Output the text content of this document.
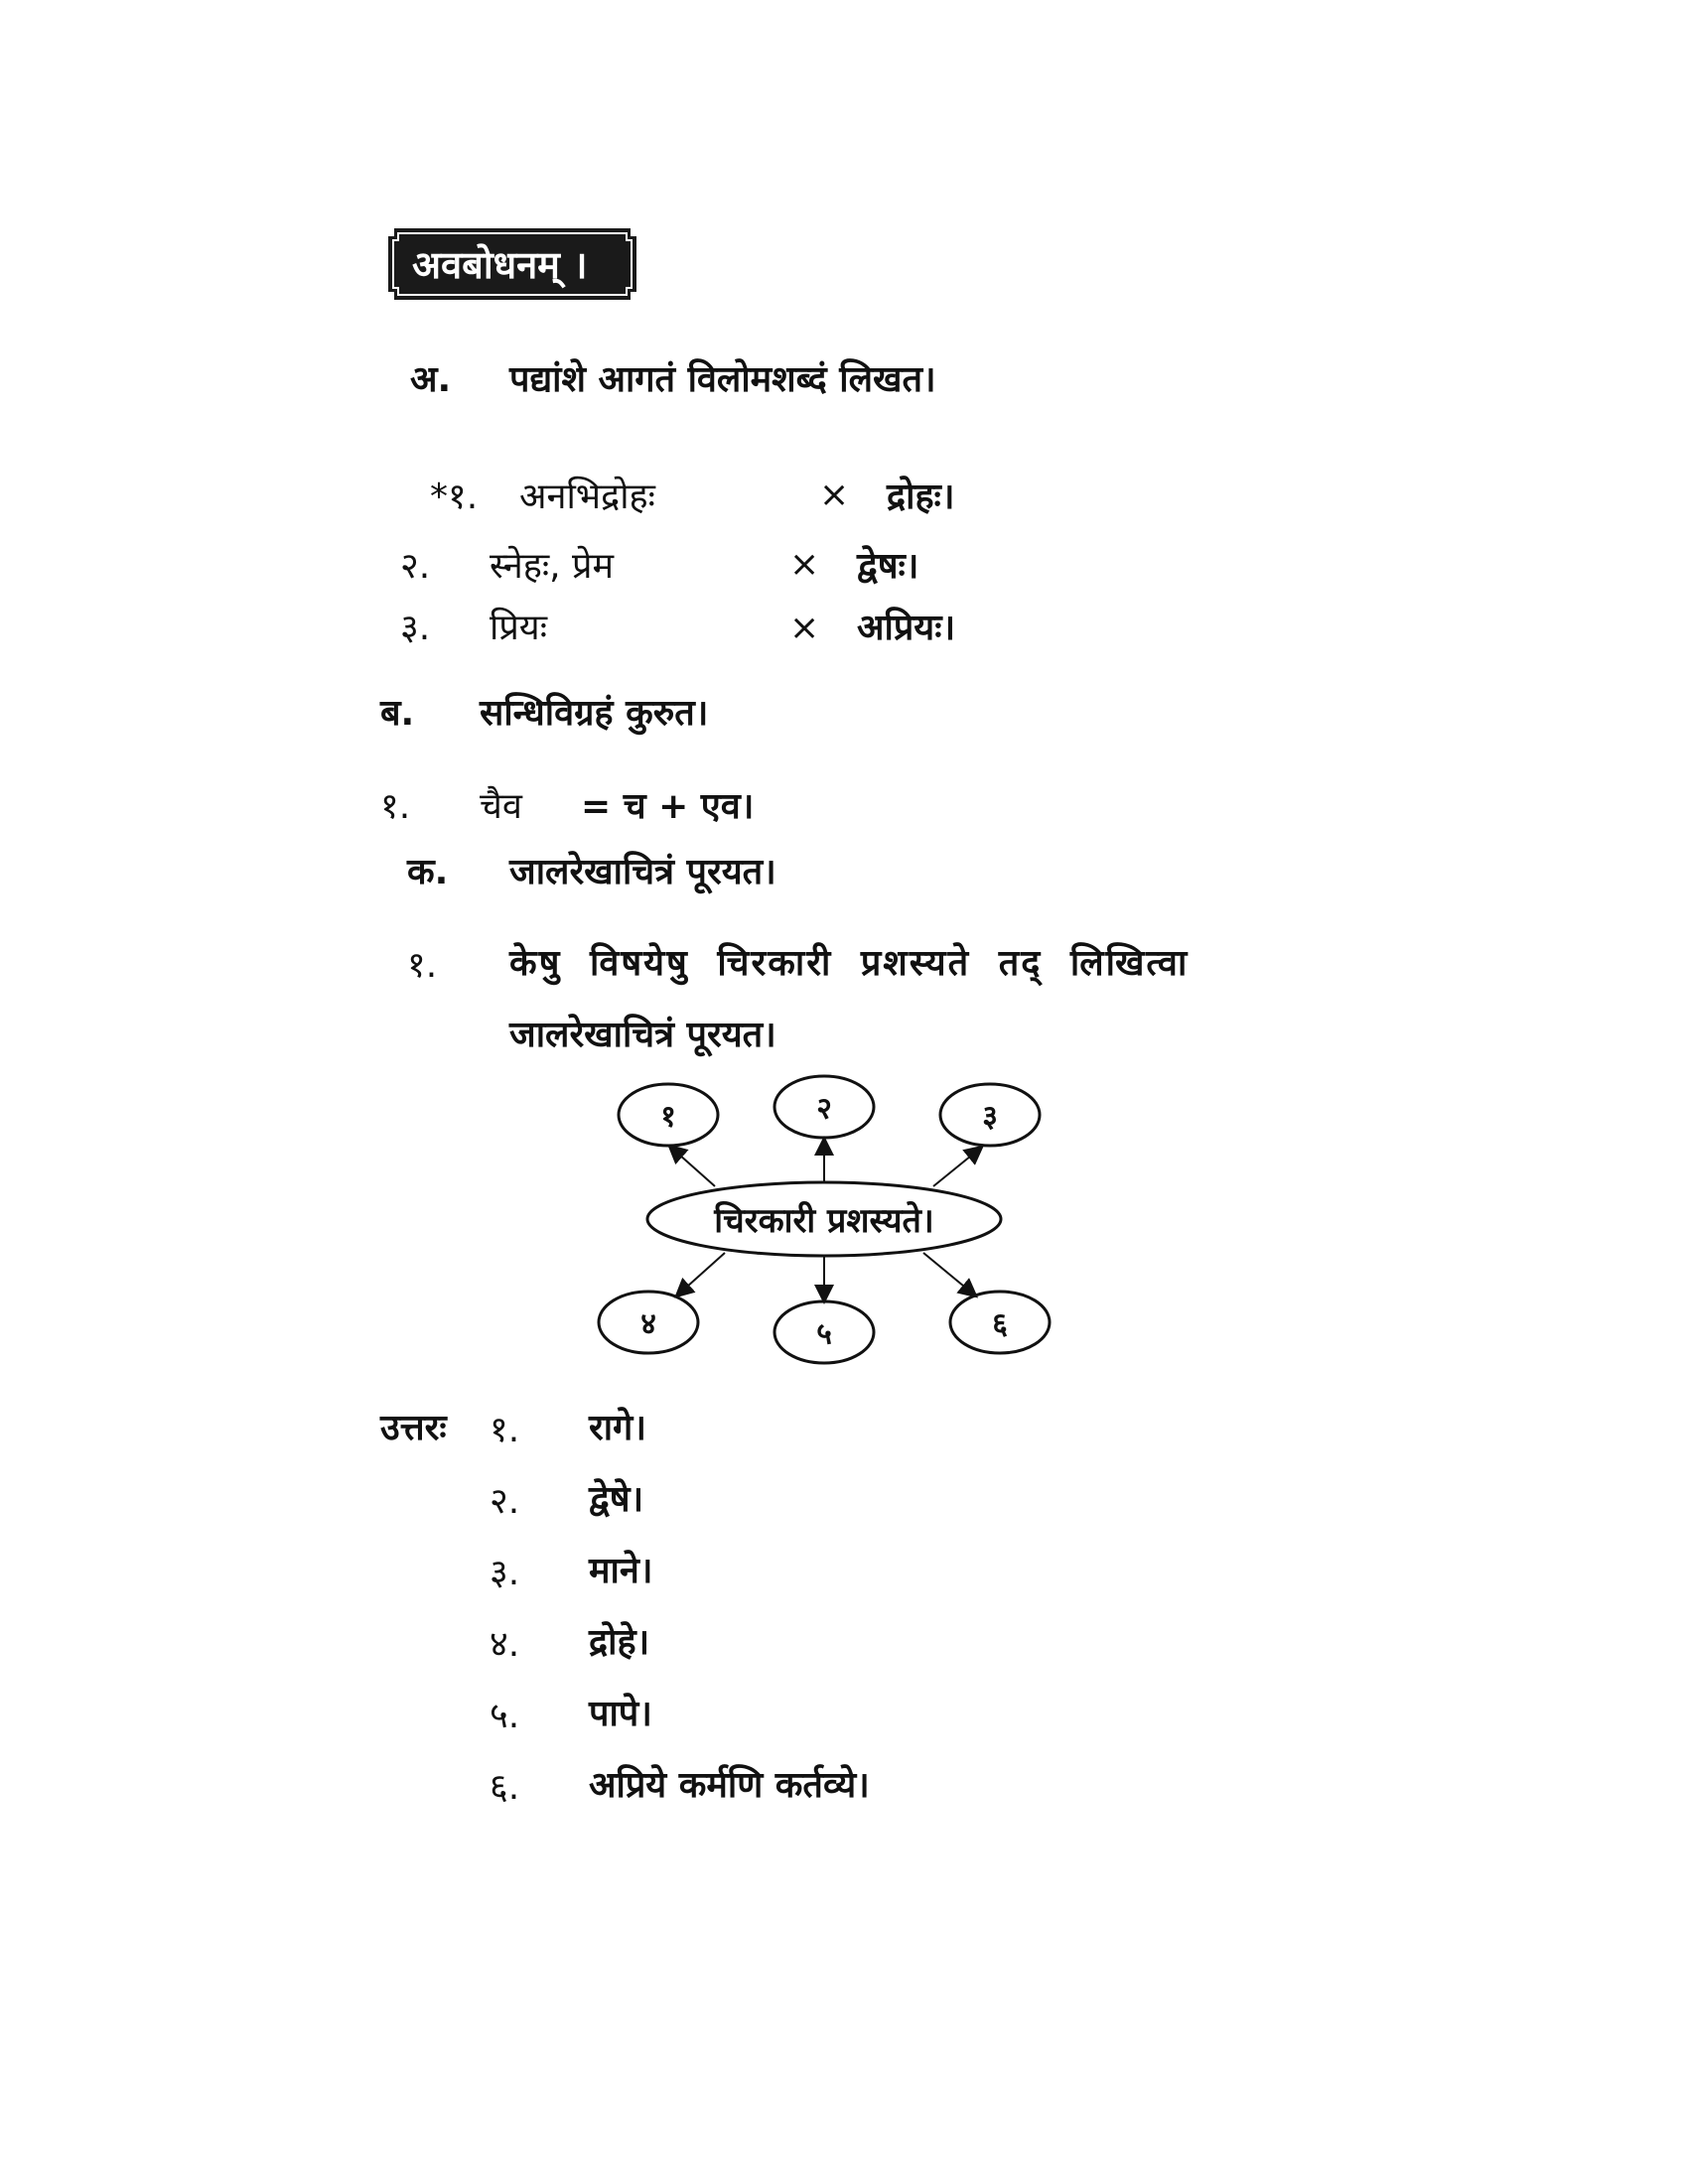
अवबोधनम् ।
अ. पद्यांशे आगतं विलोमशब्दं लिखत।
*१. अनभिद्रोहः	× द्रोहः।
२. स्नेहः, प्रेम	× द्वेषः।
३. प्रियः	× अप्रियः।
ब. सन्धिविग्रहं कुरुत।
१. चैव = च + एव।
क. जालरेखाचित्रं पूरयत।
१. केषु विषयेषु चिरकारी प्रशस्यते तद् लिखित्वा
जालरेखाचित्रं पूरयत।
१	२	३
४	५	६
चिरकारी प्रशस्यते।
उत्तरः १. रागे।
२. द्वेषे।
३. माने।
४. द्रोहे।
५. पापे।
६. अप्रिये कर्मणि कर्तव्ये।
